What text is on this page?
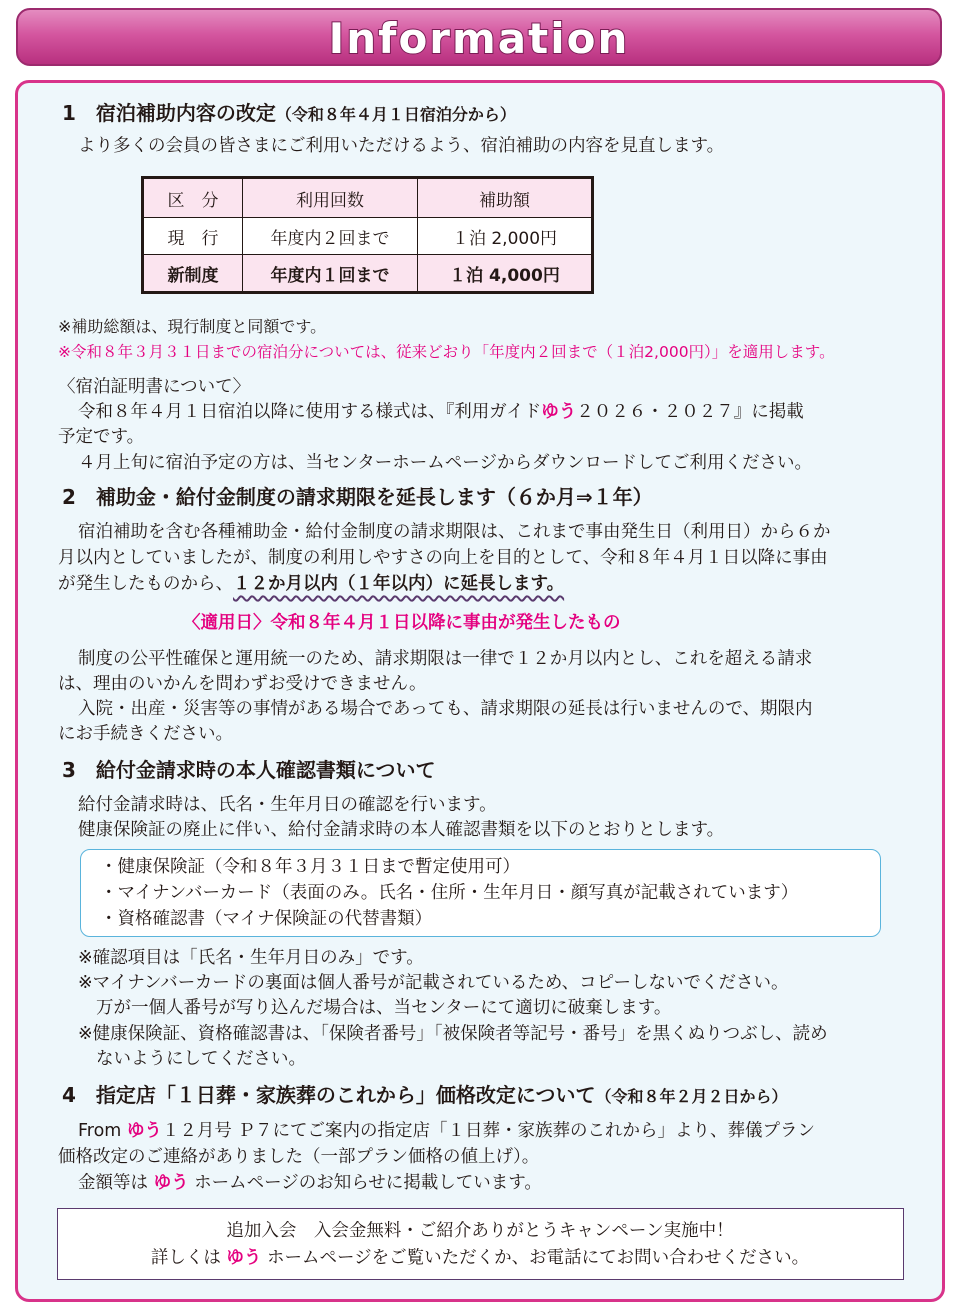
Information
1　宿泊補助内容の改定（令和８年４月１日宿泊分から）
より多くの会員の皆さまにご利用いただけるよう、宿泊補助の内容を見直します。
区　分	利用回数	補助額
現　行	年度内２回まで	１泊 2,000円
新制度	年度内１回まで	１泊 4,000円
※補助総額は、現行制度と同額です。
※令和８年３月３１日までの宿泊分については、従来どおり「年度内２回まで（１泊2,000円）」を適用します。
〈宿泊証明書について〉
令和８年４月１日宿泊以降に使用する様式は、『利用ガイドゆう２０２６・２０２７』に掲載
予定です。
４月上旬に宿泊予定の方は、当センターホームページからダウンロードしてご利用ください。
2　補助金・給付金制度の請求期限を延長します（６か月⇒１年）
宿泊補助を含む各種補助金・給付金制度の請求期限は、これまで事由発生日（利用日）から６か
月以内としていましたが、制度の利用しやすさの向上を目的として、令和８年４月１日以降に事由
が発生したものから、１２か月以内（１年以内）に延長します。
〈適用日〉令和８年４月１日以降に事由が発生したもの
制度の公平性確保と運用統一のため、請求期限は一律で１２か月以内とし、これを超える請求
は、理由のいかんを問わずお受けできません。
入院・出産・災害等の事情がある場合であっても、請求期限の延長は行いませんので、期限内
にお手続きください。
3　給付金請求時の本人確認書類について
給付金請求時は、氏名・生年月日の確認を行います。
健康保険証の廃止に伴い、給付金請求時の本人確認書類を以下のとおりとします。
・健康保険証（令和８年３月３１日まで暫定使用可）
・マイナンバーカード（表面のみ。氏名・住所・生年月日・顔写真が記載されています）
・資格確認書（マイナ保険証の代替書類）
※確認項目は「氏名・生年月日のみ」です。
※マイナンバーカードの裏面は個人番号が記載されているため、コピーしないでください。
万が一個人番号が写り込んだ場合は、当センターにて適切に破棄します。
※健康保険証、資格確認書は、「保険者番号」「被保険者等記号・番号」を黒くぬりつぶし、読め
ないようにしてください。
4　指定店「１日葬・家族葬のこれから」価格改定について（令和８年２月２日から）
From ゆう１２月号 Ｐ７にてご案内の指定店「１日葬・家族葬のこれから」より、葬儀プラン
価格改定のご連絡がありました（一部プラン価格の値上げ）。
金額等は ゆう ホームページのお知らせに掲載しています。
追加入会　入会金無料・ご紹介ありがとうキャンペーン実施中！
詳しくは ゆう ホームページをご覧いただくか、お電話にてお問い合わせください。
